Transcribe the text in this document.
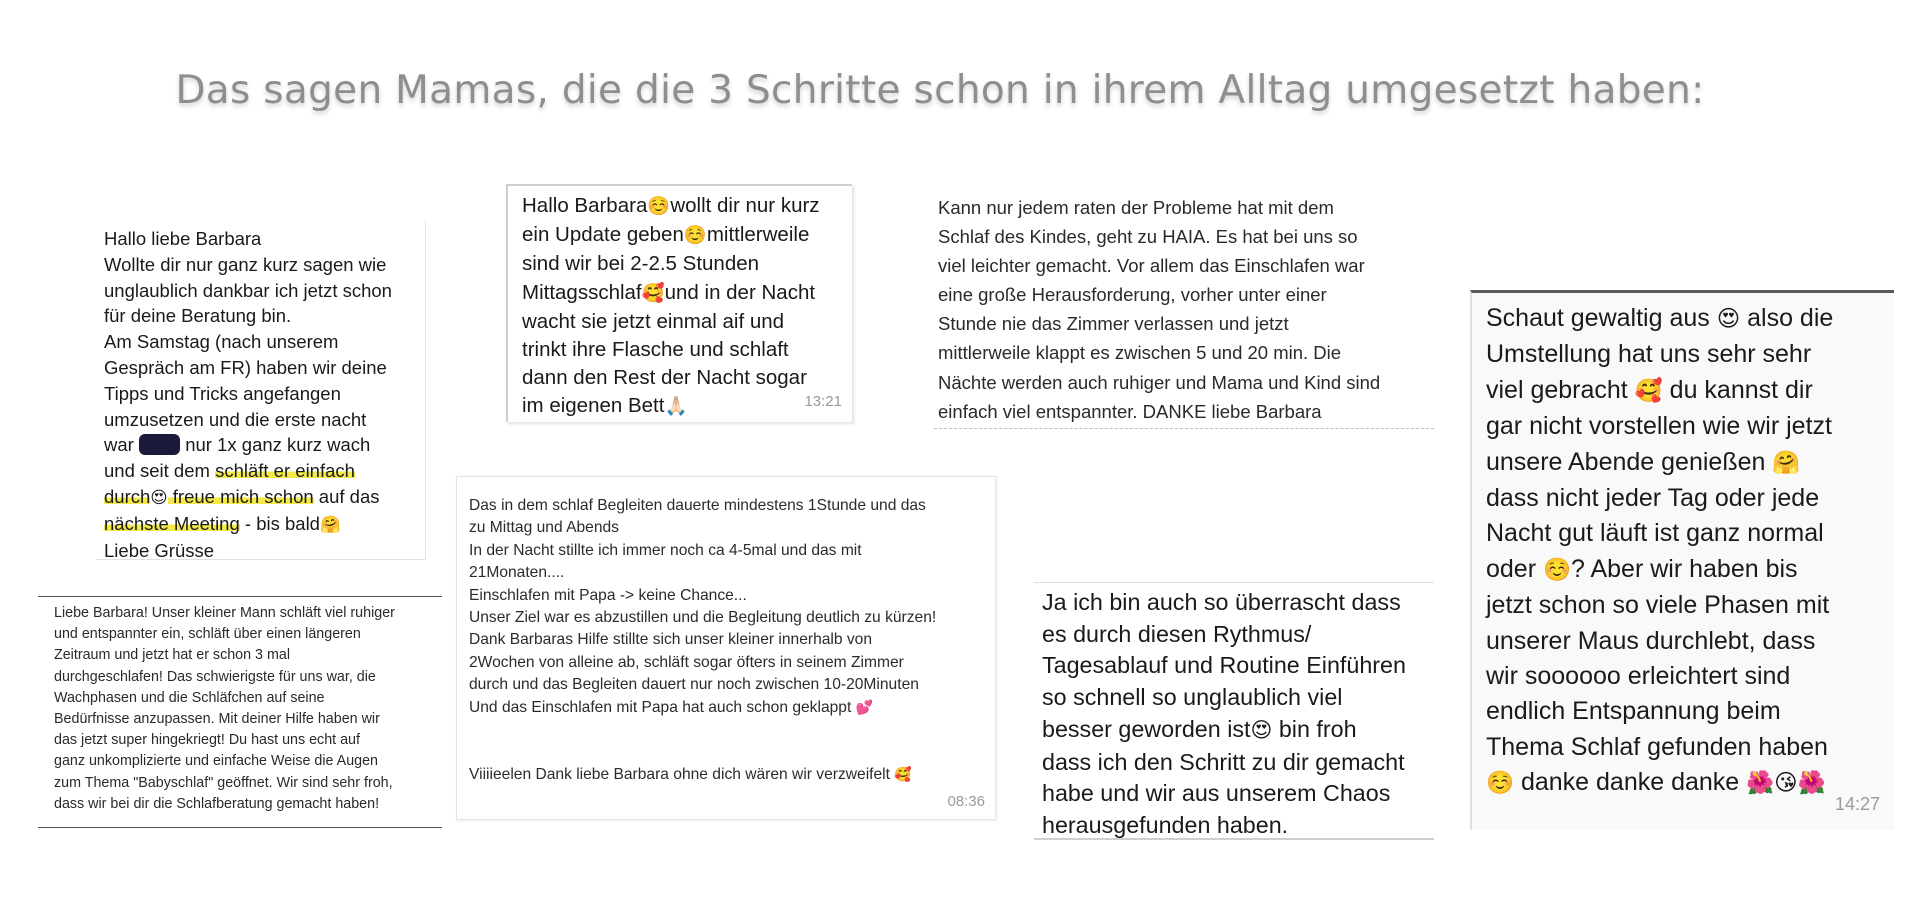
Das sagen Mamas, die die 3 Schritte schon in ihrem Alltag umgesetzt haben:
Hallo liebe Barbara
Wollte dir nur ganz kurz sagen wie
unglaublich dankbar ich jetzt schon
für deine Beratung bin.
Am Samstag (nach unserem
Gespräch am FR) haben wir deine
Tipps und Tricks angefangen
umzusetzen und die erste nacht
war	nur 1x ganz kurz wach
und seit dem schläft er einfach
durch😍 freue mich schon auf das
nächste Meeting - bis bald🤗
Liebe Grüsse
Hallo Barbara☺️wollt dir nur kurz
ein Update geben☺️mittlerweile
sind wir bei 2-2.5 Stunden
Mittagsschlaf🥰und in der Nacht
wacht sie jetzt einmal aif und
trinkt ihre Flasche und schlaft
dann den Rest der Nacht sogar
im eigenen Bett🙏🏻	13:21
Kann nur jedem raten der Probleme hat mit dem
Schlaf des Kindes, geht zu HAIA. Es hat bei uns so
viel leichter gemacht. Vor allem das Einschlafen war
eine große Herausforderung, vorher unter einer
Stunde nie das Zimmer verlassen und jetzt
mittlerweile klappt es zwischen 5 und 20 min. Die
Nächte werden auch ruhiger und Mama und Kind sind
einfach viel entspannter. DANKE liebe Barbara
Schaut gewaltig aus 😍 also die
Umstellung hat uns sehr sehr
viel gebracht 🥰 du kannst dir
gar nicht vorstellen wie wir jetzt
unsere Abende genießen 🤗
dass nicht jeder Tag oder jede
Nacht gut läuft ist ganz normal
oder ☺️? Aber wir haben bis
jetzt schon so viele Phasen mit
unserer Maus durchlebt, dass
wir soooooo erleichtert sind
endlich Entspannung beim
Thema Schlaf gefunden haben
☺️ danke danke danke 🌺😘🌺
14:27
Liebe Barbara! Unser kleiner Mann schläft viel ruhiger
und entspannter ein, schläft über einen längeren
Zeitraum und jetzt hat er schon 3 mal
durchgeschlafen! Das schwierigste für uns war, die
Wachphasen und die Schläfchen auf seine
Bedürfnisse anzupassen. Mit deiner Hilfe haben wir
das jetzt super hingekriegt! Du hast uns echt auf
ganz unkomplizierte und einfache Weise die Augen
zum Thema "Babyschlaf" geöffnet. Wir sind sehr froh,
dass wir bei dir die Schlafberatung gemacht haben!
Das in dem schlaf Begleiten dauerte mindestens 1Stunde und das
zu Mittag und Abends
In der Nacht stillte ich immer noch ca 4-5mal und das mit
21Monaten....
Einschlafen mit Papa -> keine Chance...
Unser Ziel war es abzustillen und die Begleitung deutlich zu kürzen!
Dank Barbaras Hilfe stillte sich unser kleiner innerhalb von
2Wochen von alleine ab, schläft sogar öfters in seinem Zimmer
durch und das Begleiten dauert nur noch zwischen 10-20Minuten
Und das Einschlafen mit Papa hat auch schon geklappt 💕

Viiiieelen Dank liebe Barbara ohne dich wären wir verzweifelt 🥰
08:36
Ja ich bin auch so überrascht dass
es durch diesen Rythmus/
Tagesablauf und Routine Einführen
so schnell so unglaublich viel
besser geworden ist😍 bin froh
dass ich den Schritt zu dir gemacht
habe und wir aus unserem Chaos
herausgefunden haben.
